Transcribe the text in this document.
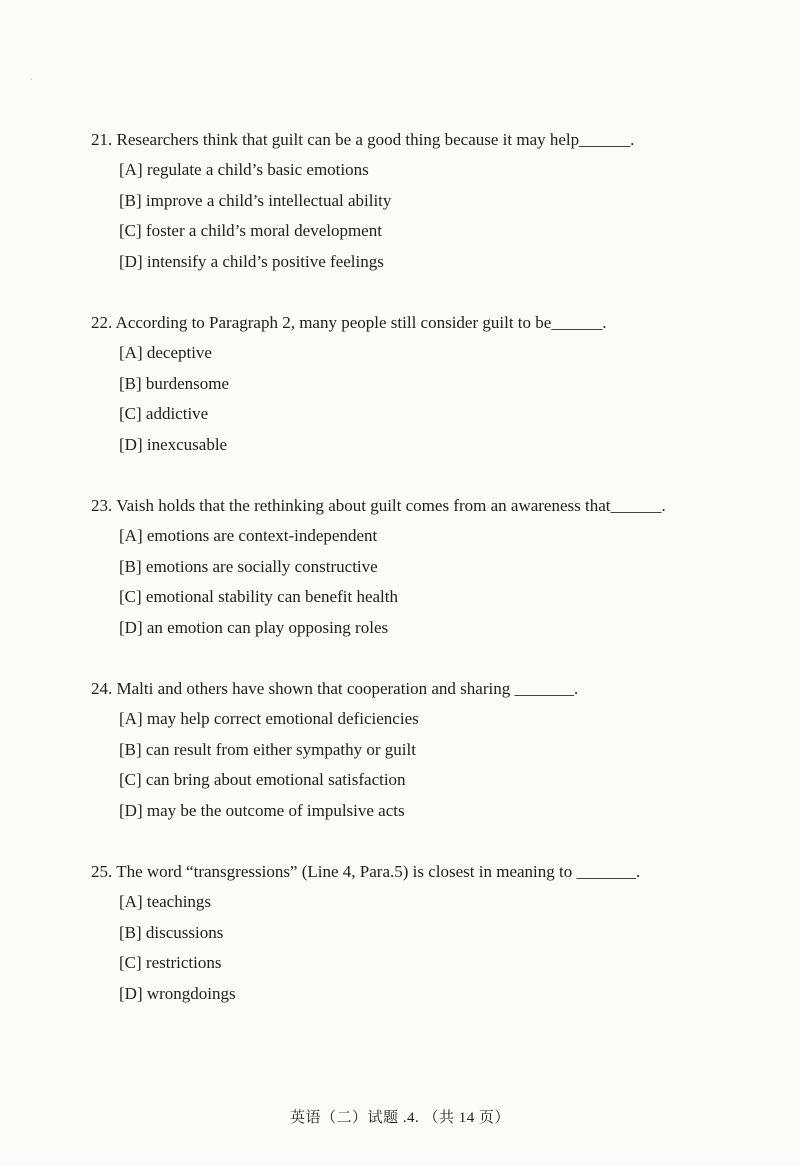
21. Researchers think that guilt can be a good thing because it may help______.
[A] regulate a child’s basic emotions
[B] improve a child’s intellectual ability
[C] foster a child’s moral development
[D] intensify a child’s positive feelings
22. According to Paragraph 2, many people still consider guilt to be______.
[A] deceptive
[B] burdensome
[C] addictive
[D] inexcusable
23. Vaish holds that the rethinking about guilt comes from an awareness that______.
[A] emotions are context-independent
[B] emotions are socially constructive
[C] emotional stability can benefit health
[D] an emotion can play opposing roles
24. Malti and others have shown that cooperation and sharing _______.
[A] may help correct emotional deficiencies
[B] can result from either sympathy or guilt
[C] can bring about emotional satisfaction
[D] may be the outcome of impulsive acts
25. The word “transgressions” (Line 4, Para.5) is closest in meaning to _______.
[A] teachings
[B] discussions
[C] restrictions
[D] wrongdoings
英语（二）试题 .4. （共 14 页）
